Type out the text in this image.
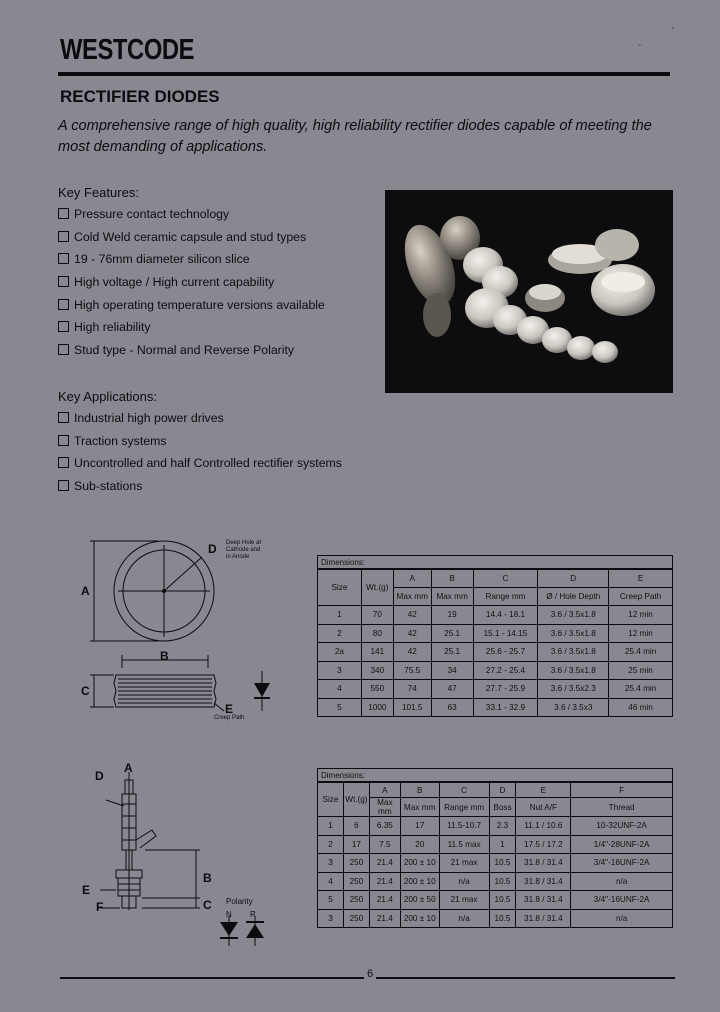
WESTCODE	-
'
RECTIFIER DIODES
A comprehensive range of high quality, high reliability rectifier diodes capable of meeting the most demanding of applications.
Key Features:
Pressure contact technology
Cold Weld ceramic capsule and stud types
19 - 76mm diameter silicon slice
High voltage / High current capability
High operating temperature versions available
High reliability
Stud type - Normal and Reverse Polarity
Key Applications:
Industrial high power drives
Traction systems
Uncontrolled and half Controlled rectifier systems
Sub-stations
A
D
B
C
E
Deep Hole at
Cathode and
in Anode
Creep Path
A
D
B
E
C
F	Polarity
N R
Dimensions:						
Size	Wt.(g)	A	B	C	D	E
		Max mm	Max mm	Range mm	Ø / Hole Depth	Creep Path
1	70	42	19	14.4 - 18.1	3.6 / 3.5x1.8	12 min
2	80	42	25.1	15.1 - 14.15	3.6 / 3.5x1.8	12 min
2a	141	42	25.1	25.6 - 25.7	3.6 / 3.5x1.8	25.4 min
3	340	75.5	34	27.2 - 25.4	3.6 / 3.5x1.8	25 min
4	550	74	47	27.7 - 25.9	3.6 / 3.5x2.3	25.4 min
5	1000	101.5	63	33.1 - 32.9	3.6 / 3.5x3	46 min
Dimensions:							
Size	Wt.(g)	A	B	C	D	E	F
		Max mm	Max mm	Range mm	Boss	Nut A/F	Thread
1	6	6.35	17	11.5-10.7	2.3	11.1 / 10.6	10-32UNF-2A
2	17	7.5	20	11.5 max	1	17.5 / 17.2	1/4"-28UNF-2A
3	250	21.4	200 ± 10	21 max	10.5	31.8 / 31.4	3/4"-16UNF-2A
4	250	21.4	200 ± 10	n/a	10.5	31.8 / 31.4	n/a
5	250	21.4	200 ± 50	21 max	10.5	31.8 / 31.4	3/4"-16UNF-2A
3	250	21.4	200 ± 10	n/a	10.5	31.8 / 31.4	n/a
6
